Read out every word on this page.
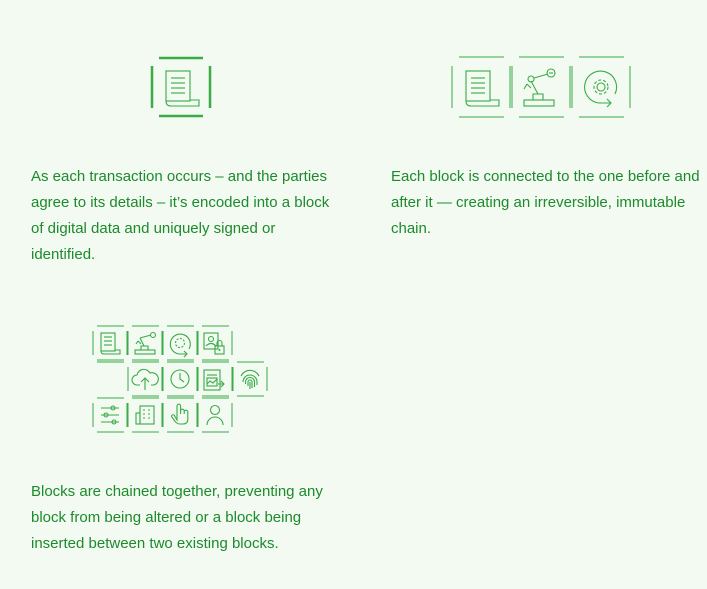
As each transaction occurs – and the parties agree to its details – it’s encoded into a block of digital data and uniquely signed or identified.

Each block is connected to the one before and after it — creating an irreversible, immutable chain.

Blocks are chained together, preventing any block from being altered or a block being inserted between two existing blocks.
